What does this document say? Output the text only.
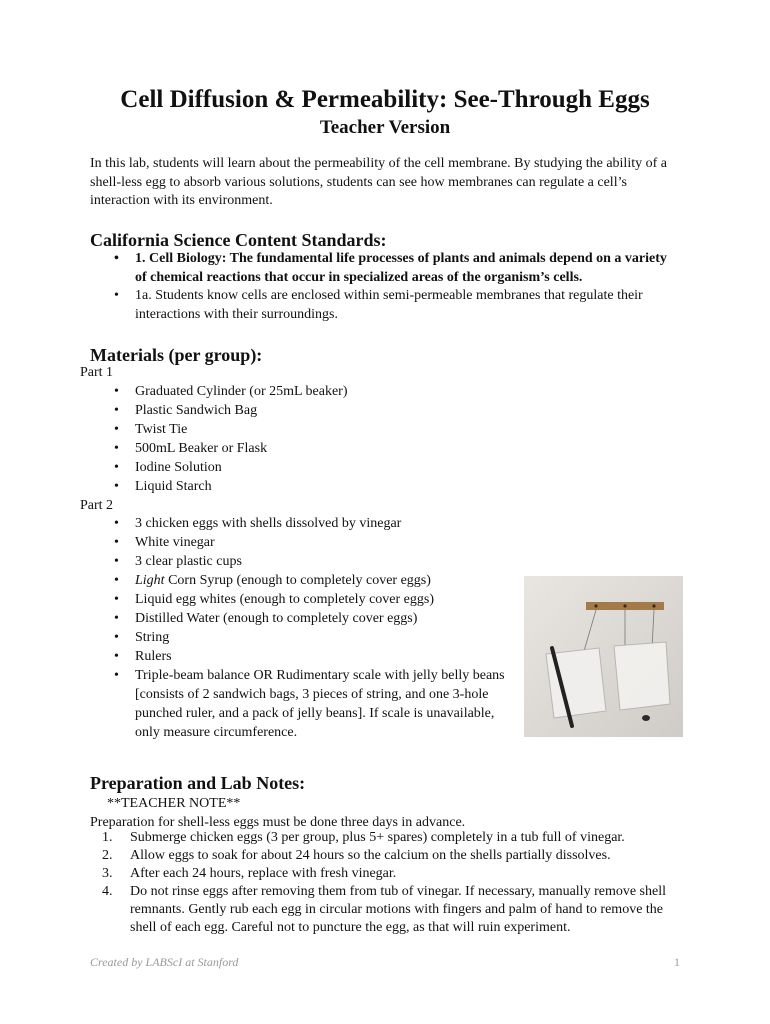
Cell Diffusion & Permeability: See-Through Eggs
Teacher Version

In this lab, students will learn about the permeability of the cell membrane. By studying the ability of a shell-less egg to absorb various solutions, students can see how membranes can regulate a cell’s interaction with its environment.

California Science Content Standards:
• 1. Cell Biology: The fundamental life processes of plants and animals depend on a variety of chemical reactions that occur in specialized areas of the organism’s cells.
• 1a. Students know cells are enclosed within semi-permeable membranes that regulate their interactions with their surroundings.
Materials (per group):
Part 1
• Graduated Cylinder (or 25mL beaker)
• Plastic Sandwich Bag
• Twist Tie
• 500mL Beaker or Flask
• Iodine Solution
• Liquid Starch
Part 2
• 3 chicken eggs with shells dissolved by vinegar
• White vinegar
• 3 clear plastic cups
• Light Corn Syrup (enough to completely cover eggs)
• Liquid egg whites (enough to completely cover eggs)
• Distilled Water (enough to completely cover eggs)
• String
• Rulers
• Triple-beam balance OR Rudimentary scale with jelly belly beans [consists of 2 sandwich bags, 3 pieces of string, and one 3-hole punched ruler, and a pack of jelly beans]. If scale is unavailable, only measure circumference.
Preparation and Lab Notes:
**TEACHER NOTE**
Preparation for shell-less eggs must be done three days in advance.
1. Submerge chicken eggs (3 per group, plus 5+ spares) completely in a tub full of vinegar.
2. Allow eggs to soak for about 24 hours so the calcium on the shells partially dissolves.
3. After each 24 hours, replace with fresh vinegar.
4. Do not rinse eggs after removing them from tub of vinegar. If necessary, manually remove shell remnants. Gently rub each egg in circular motions with fingers and palm of hand to remove the shell of each egg. Careful not to puncture the egg, as that will ruin experiment.
Created by LABScI at Stanford	1
